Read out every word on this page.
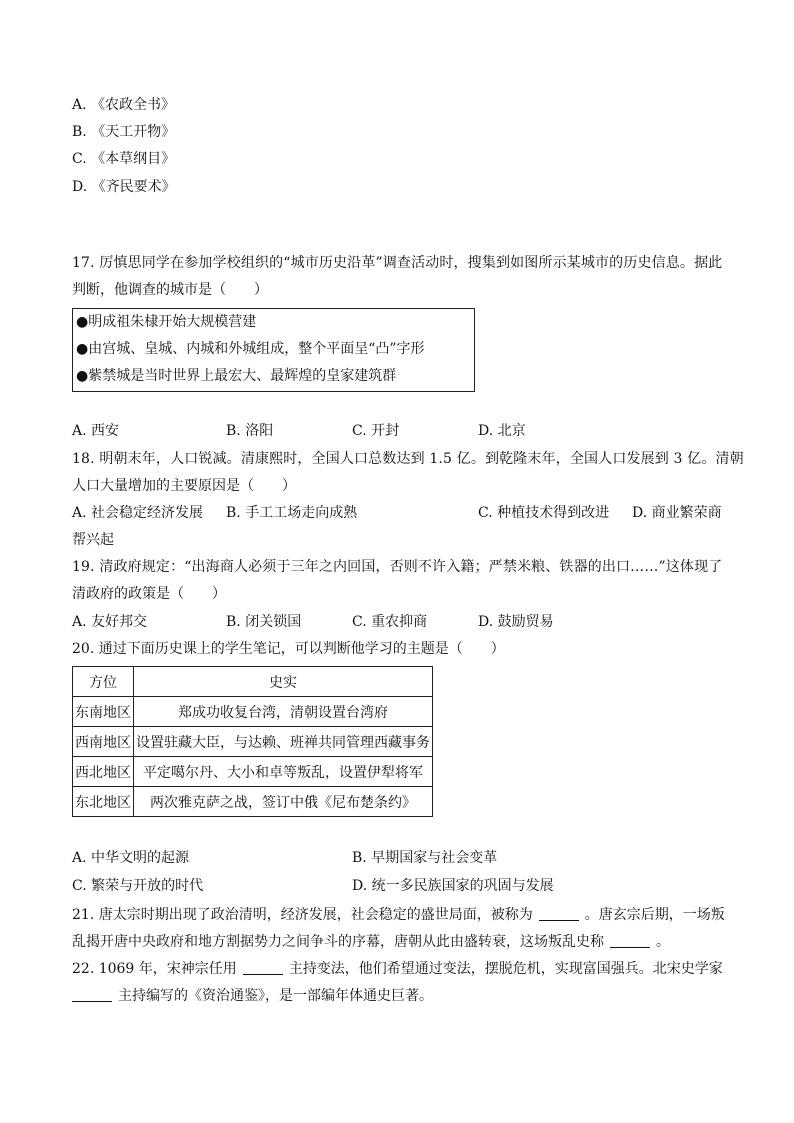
A. 《农政全书》
B. 《天工开物》
C. 《本草纲目》
D. 《齐民要术》
17. 厉慎思同学在参加学校组织的“城市历史沿革”调查活动时，搜集到如图所示某城市的历史信息。据此
判断，他调查的城市是（　　）
●明成祖朱棣开始大规模营建
●由宫城、皇城、内城和外城组成，整个平面呈“凸”字形
●紫禁城是当时世界上最宏大、最辉煌的皇家建筑群
A. 西安	B. 洛阳	C. 开封	D. 北京
18. 明朝末年，人口锐减。清康熙时，全国人口总数达到 1.5 亿。到乾隆末年，全国人口发展到 3 亿。清朝
人口大量增加的主要原因是（　　）
A. 社会稳定经济发展 B. 手工工场走向成熟	C. 种植技术得到改进 D. 商业繁荣商
帮兴起
19. 清政府规定：“出海商人必须于三年之内回国，否则不许入籍；严禁米粮、铁器的出口……”这体现了
清政府的政策是（　　）
A. 友好邦交	B. 闭关锁国	C. 重农抑商	D. 鼓励贸易
20. 通过下面历史课上的学生笔记，可以判断他学习的主题是（　　）
方位	史实
东南地区	郑成功收复台湾，清朝设置台湾府
西南地区	设置驻藏大臣，与达赖、班禅共同管理西藏事务
西北地区	平定噶尔丹、大小和卓等叛乱，设置伊犁将军
东北地区	两次雅克萨之战，签订中俄《尼布楚条约》
A. 中华文明的起源	B. 早期国家与社会变革
C. 繁荣与开放的时代	D. 统一多民族国家的巩固与发展
21. 唐太宗时期出现了政治清明，经济发展，社会稳定的盛世局面，被称为	。唐玄宗后期，一场叛
乱揭开唐中央政府和地方割据势力之间争斗的序幕，唐朝从此由盛转衰，这场叛乱史称	。
22. 1069 年，宋神宗任用	主持变法，他们希望通过变法，摆脱危机，实现富国强兵。北宋史学家
主持编写的《资治通鉴》，是一部编年体通史巨著。
